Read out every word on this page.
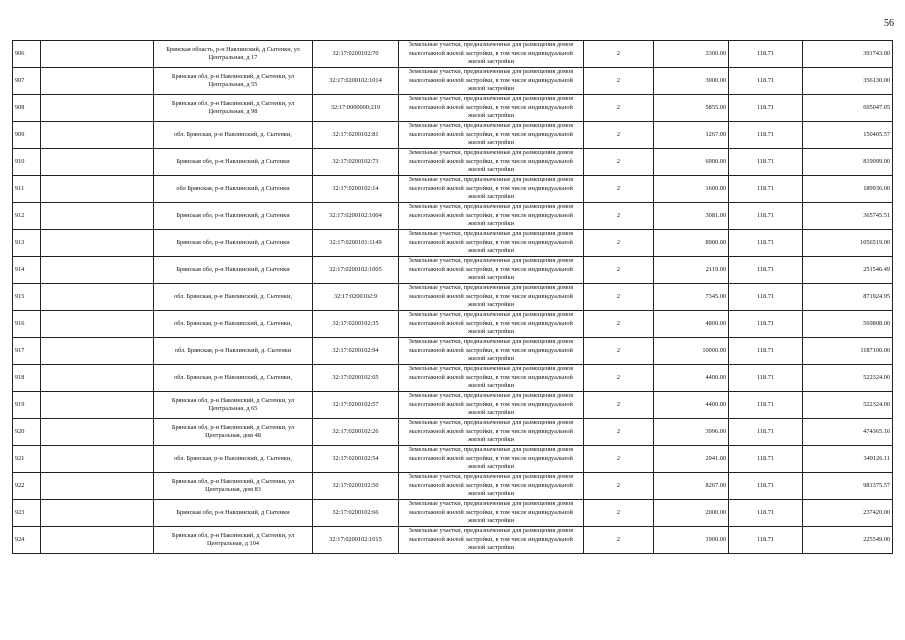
56
906		Брянская область, р-н Навлинский, д Сытенки, ул Центральная, д 17	32:17:0200102:70	Земельные участки, предназначенные для размещения домов малоэтажной жилой застройки, в том числе индивидуальной жилой застройки	2	3300.00	118.71	391743.00
907		Брянская обл, р-н Навлинский, д Сытенки, ул Центральная, д 55	32:17:0200102:1014	Земельные участки, предназначенные для размещения домов малоэтажной жилой застройки, в том числе индивидуальной жилой застройки	2	3000.00	118.71	356130.00
908		Брянская обл, р-н Навлинский, д Сытенки, ул Центральная, д 98	32:17:0000000:219	Земельные участки, предназначенные для размещения домов малоэтажной жилой застройки, в том числе индивидуальной жилой застройки	2	5855.00	118.71	695047.05
909		обл. Брянская, р-н Навлинский, д. Сытенки,	32:17:0200102:81	Земельные участки, предназначенные для размещения домов малоэтажной жилой застройки, в том числе индивидуальной жилой застройки	2	1267.00	118.71	150405.57
910		Брянская обл, р-н Навлинский, д Сытенки	32:17:0200102:73	Земельные участки, предназначенные для размещения домов малоэтажной жилой застройки, в том числе индивидуальной жилой застройки	2	6900.00	118.71	819099.00
911		обл Брянская, р-н Навлинский, д Сытенки	32:17:0200102:14	Земельные участки, предназначенные для размещения домов малоэтажной жилой застройки, в том числе индивидуальной жилой застройки	2	1600.00	118.71	189936.00
912		Брянская обл, р-н Навлинский, д Сытенки	32:17:0200102:1004	Земельные участки, предназначенные для размещения домов малоэтажной жилой застройки, в том числе индивидуальной жилой застройки	2	3081.00	118.71	365745.51
913		Брянская обл, р-н Навлинский, д Сытенки	32:17:0200101:1149	Земельные участки, предназначенные для размещения домов малоэтажной жилой застройки, в том числе индивидуальной жилой застройки	2	8900.00	118.71	1056519.00
914		Брянская обл, р-н Навлинский, д Сытенки	32:17:0200102:1005	Земельные участки, предназначенные для размещения домов малоэтажной жилой застройки, в том числе индивидуальной жилой застройки	2	2119.00	118.71	251546.49
915		обл. Брянская, р-н Навлинский, д. Сытенки,	32:17:0200102:9	Земельные участки, предназначенные для размещения домов малоэтажной жилой застройки, в том числе индивидуальной жилой застройки	2	7345.00	118.71	871924.95
916		обл. Брянская, р-н Навлинский, д. Сытенки,	32:17:0200102:35	Земельные участки, предназначенные для размещения домов малоэтажной жилой застройки, в том числе индивидуальной жилой застройки	2	4800.00	118.71	569808.00
917		обл. Брянская, р-н Навлинский, д. Сытенки	32:17:0200102:94	Земельные участки, предназначенные для размещения домов малоэтажной жилой застройки, в том числе индивидуальной жилой застройки	2	10000.00	118.71	1187100.00
918		обл. Брянская, р-н Навлинский, д. Сытенки,	32:17:0200102:65	Земельные участки, предназначенные для размещения домов малоэтажной жилой застройки, в том числе индивидуальной жилой застройки	2	4400.00	118.71	522324.00
919		Брянская обл, р-н Навлинский, д Сытенки, ул Центральная, д 65	32:17:0200102:57	Земельные участки, предназначенные для размещения домов малоэтажной жилой застройки, в том числе индивидуальной жилой застройки	2	4400.00	118.71	522324.00
920		Брянская обл, р-н Навлинский, д Сытенки, ул Центральная, дом 48	32:17:0200102:26	Земельные участки, предназначенные для размещения домов малоэтажной жилой застройки, в том числе индивидуальной жилой застройки	2	3996.00	118.71	474365.16
921		обл. Брянская, р-н Навлинский, д. Сытенки,	32:17:0200102:54	Земельные участки, предназначенные для размещения домов малоэтажной жилой застройки, в том числе индивидуальной жилой застройки	2	2941.00	118.71	349126.11
922		Брянская обл, р-н Навлинский, д Сытенки, ул Центральная, дом 83	32:17:0200102:50	Земельные участки, предназначенные для размещения домов малоэтажной жилой застройки, в том числе индивидуальной жилой застройки	2	8267.00	118.71	981375.57
923		Брянская обл, р-н Навлинский, д Сытенки	32:17:0200102:66	Земельные участки, предназначенные для размещения домов малоэтажной жилой застройки, в том числе индивидуальной жилой застройки	2	2000.00	118.71	237420.00
924		Брянская обл, р-н Навлинский, д Сытенки, ул Центральная, д 104	32:17:0200102:1015	Земельные участки, предназначенные для размещения домов малоэтажной жилой застройки, в том числе индивидуальной жилой застройки	2	1900.00	118.71	225549.00
